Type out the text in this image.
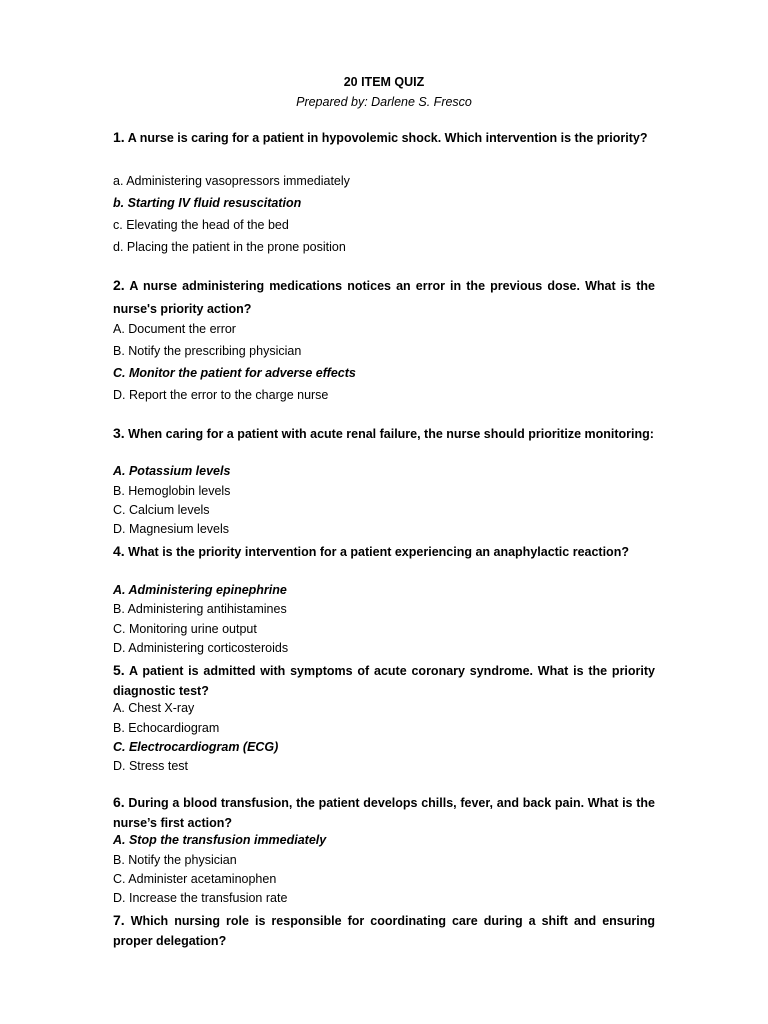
20 ITEM QUIZ

Prepared by: Darlene S. Fresco

1. A nurse is caring for a patient in hypovolemic shock. Which intervention is the priority?

a. Administering vasopressors immediately

b. Starting IV fluid resuscitation

c. Elevating the head of the bed

d. Placing the patient in the prone position

2. A nurse administering medications notices an error in the previous dose. What is the nurse's priority action?

A. Document the error

B. Notify the prescribing physician

C. Monitor the patient for adverse effects

D. Report the error to the charge nurse

3. When caring for a patient with acute renal failure, the nurse should prioritize monitoring:

A. Potassium levels

B. Hemoglobin levels

C. Calcium levels

D. Magnesium levels

4. What is the priority intervention for a patient experiencing an anaphylactic reaction?

A. Administering epinephrine

B. Administering antihistamines

C. Monitoring urine output

D. Administering corticosteroids

5. A patient is admitted with symptoms of acute coronary syndrome. What is the priority diagnostic test?

A. Chest X-ray

B. Echocardiogram

C. Electrocardiogram (ECG)

D. Stress test

6. During a blood transfusion, the patient develops chills, fever, and back pain. What is the nurse’s first action?

A. Stop the transfusion immediately

B. Notify the physician

C. Administer acetaminophen

D. Increase the transfusion rate

7. Which nursing role is responsible for coordinating care during a shift and ensuring proper delegation?
